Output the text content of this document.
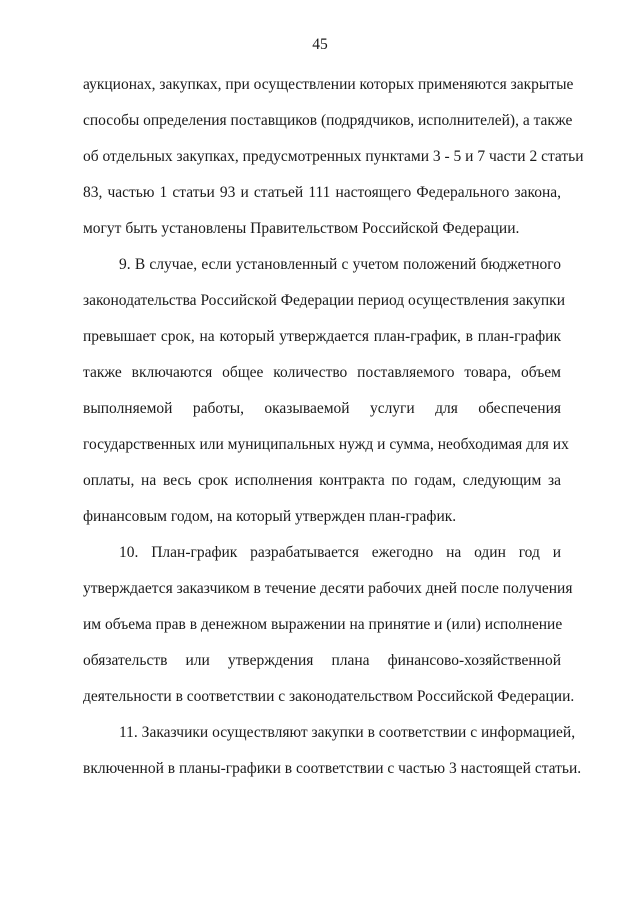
45
аукционах, закупках, при осуществлении которых применяются закрытые
способы определения поставщиков (подрядчиков, исполнителей), а также
об отдельных закупках, предусмотренных пунктами 3 - 5 и 7 части 2 статьи
83, частью 1 статьи 93 и статьей 111 настоящего Федерального закона,
могут быть установлены Правительством Российской Федерации.
9. В случае, если установленный с учетом положений бюджетного
законодательства Российской Федерации период осуществления закупки
превышает срок, на который утверждается план-график, в план-график
также включаются общее количество поставляемого товара, объем
выполняемой работы, оказываемой услуги для обеспечения
государственных или муниципальных нужд и сумма, необходимая для их
оплаты, на весь срок исполнения контракта по годам, следующим за
финансовым годом, на который утвержден план-график.
10. План-график разрабатывается ежегодно на один год и
утверждается заказчиком в течение десяти рабочих дней после получения
им объема прав в денежном выражении на принятие и (или) исполнение
обязательств или утверждения плана финансово-хозяйственной
деятельности в соответствии с законодательством Российской Федерации.
11. Заказчики осуществляют закупки в соответствии с информацией,
включенной в планы-графики в соответствии с частью 3 настоящей статьи.
